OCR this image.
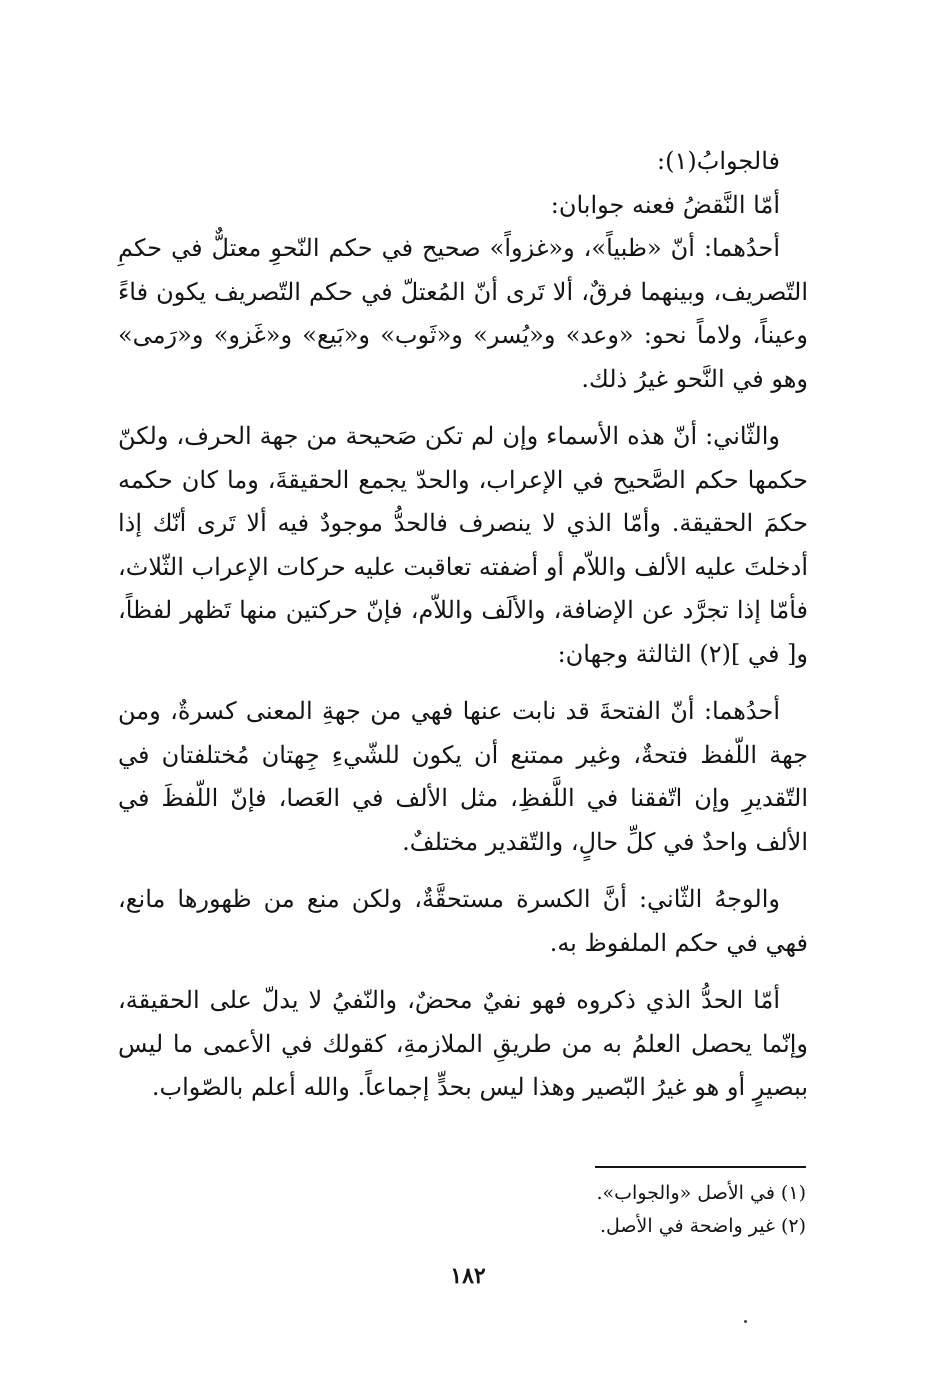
فالجوابُ(١):

أمّا النَّقضُ فعنه جوابان:

أحدُهما: أنّ «ظبياً»، و«غزواً» صحيح في حكم النّحوِ معتلٌّ في حكمِ التّصريف، وبينهما فرقٌ، ألا تَرى أنّ المُعتلّ في حكم التّصريف يكون فاءً وعيناً، ولاماً نحو: «وعد» و«يُسر» و«ثَوب» و«بَيع» و«غَزو» و«رَمى» وهو في النَّحو غيرُ ذلك.

والثّاني: أنّ هذه الأسماء وإن لم تكن صَحيحة من جهة الحرف، ولكنّ حكمها حكم الصَّحيح في الإعراب، والحدّ يجمع الحقيقةَ، وما كان حكمه حكمَ الحقيقة. وأمّا الذي لا ينصرف فالحدُّ موجودٌ فيه ألا تَرى أنّك إذا أدخلتَ عليه الألف واللاّم أو أضفته تعاقبت عليه حركات الإعراب الثّلاث، فأمّا إذا تجرَّد عن الإضافة، والألَف واللاّم، فإنّ حركتين منها تَظهر لفظاً، و[ في ](٢) الثالثة وجهان:

أحدُهما: أنّ الفتحةَ قد نابت عنها فهي من جهةِ المعنى كسرةٌ، ومن جهة اللّفظ فتحةٌ، وغير ممتنع أن يكون للشّيءِ جِهتان مُختلفتان في التّقديرِ وإن اتّفقنا في اللَّفظِ، مثل الألف في العَصا، فإنّ اللّفظَ في الألف واحدٌ في كلِّ حالٍ، والتّقدير مختلفٌ.

والوجهُ الثّاني: أنَّ الكسرة مستحقَّةٌ، ولكن منع من ظهورها مانع، فهي في حكم الملفوظ به.

أمّا الحدُّ الذي ذكروه فهو نفيٌ محضٌ، والنّفيُ لا يدلّ على الحقيقة، وإنّما يحصل العلمُ به من طريقِ الملازمةِ، كقولك في الأعمى ما ليس ببصيرٍ أو هو غيرُ البّصير وهذا ليس بحدٍّ إجماعاً. والله أعلم بالصّواب.

(١) في الأصل «والجواب».

(٢) غير واضحة في الأصل.

١٨٢
